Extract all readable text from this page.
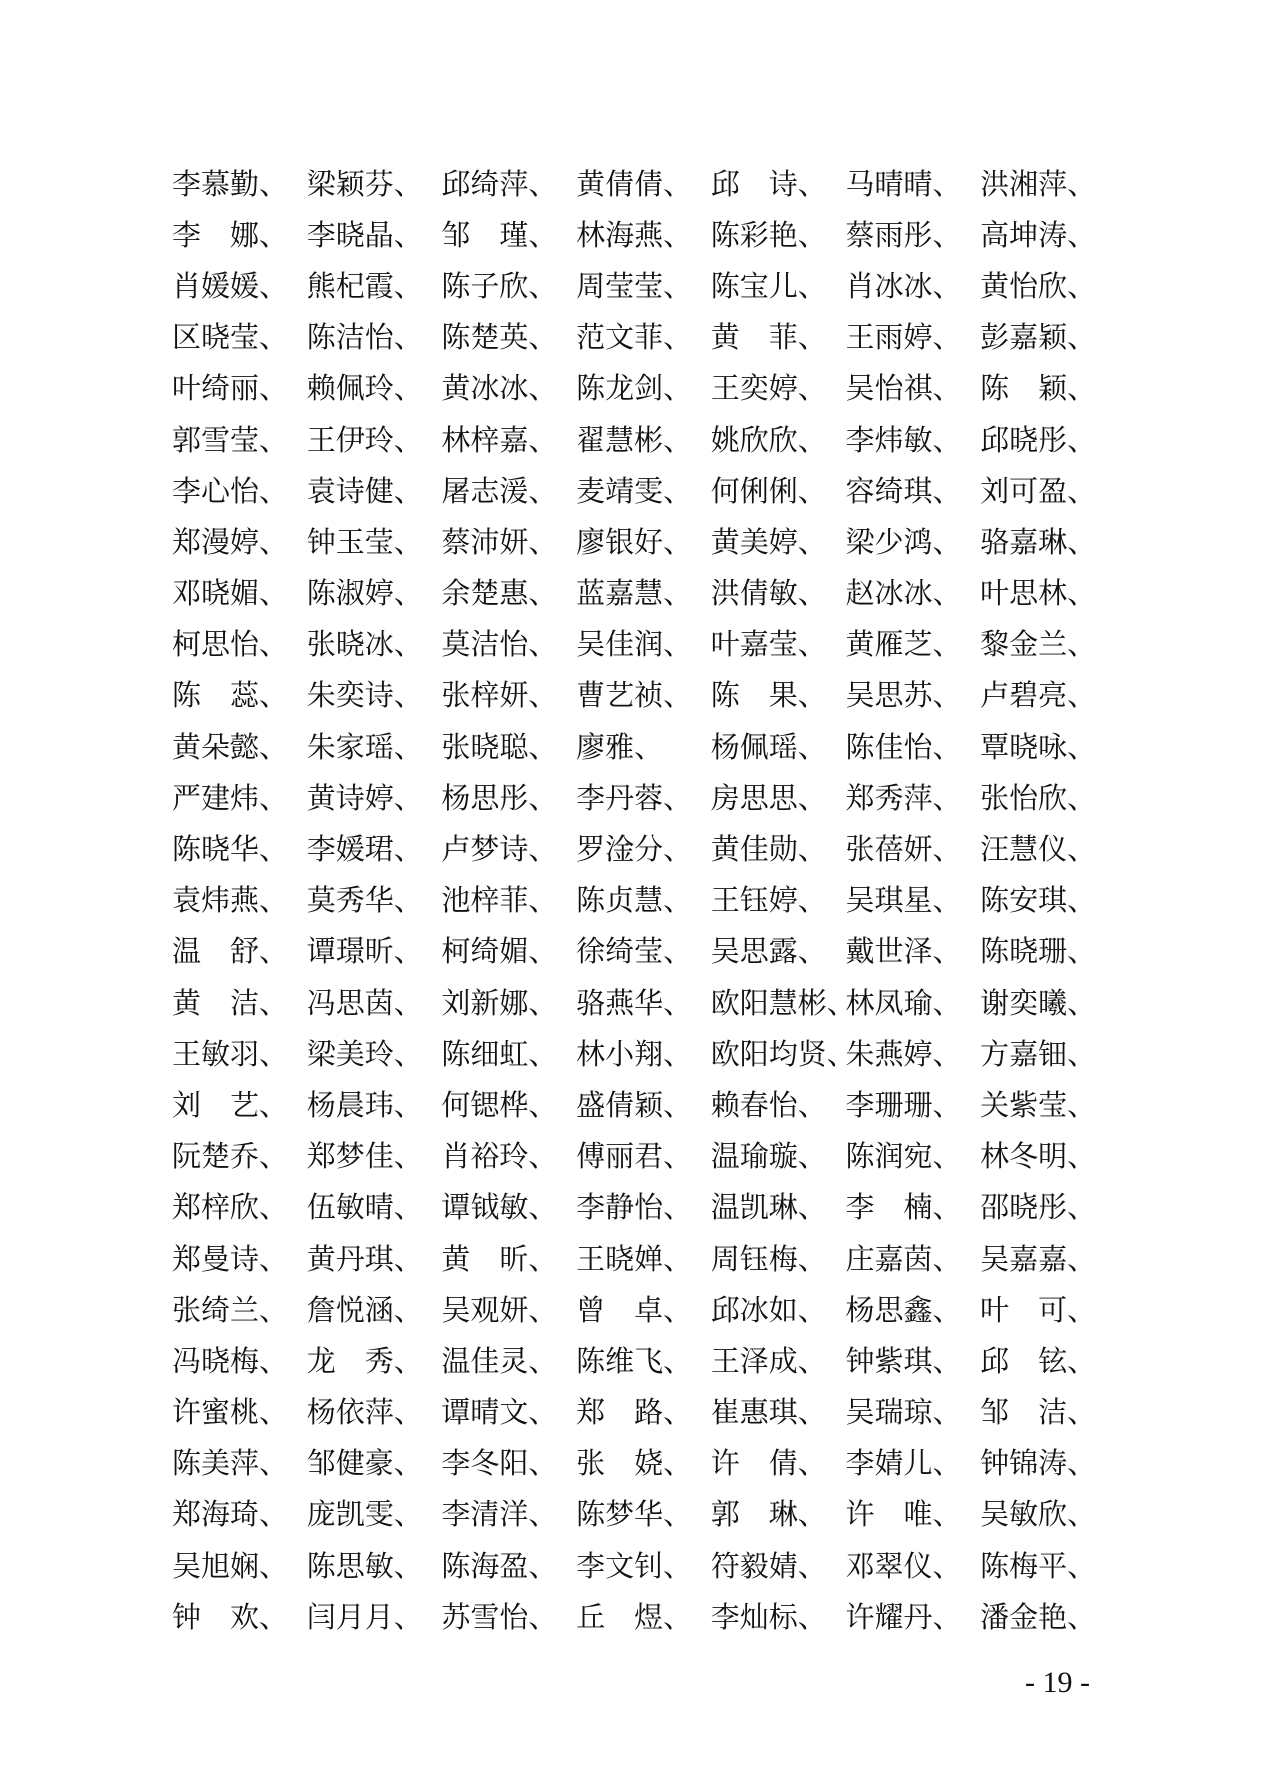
李慕勤、 梁颖芬、 邱绮萍、 黄倩倩、 邱　诗、 马晴晴、 洪湘萍、
李　娜、 李晓晶、 邹　瑾、 林海燕、 陈彩艳、 蔡雨彤、 高坤涛、
肖媛媛、 熊杞霞、 陈子欣、 周莹莹、 陈宝儿、 肖冰冰、 黄怡欣、
区晓莹、 陈洁怡、 陈楚英、 范文菲、 黄　菲、 王雨婷、 彭嘉颖、
叶绮丽、 赖佩玲、 黄冰冰、 陈龙剑、 王奕婷、 吴怡祺、 陈　颖、
郭雪莹、 王伊玲、 林梓嘉、 翟慧彬、 姚欣欣、 李炜敏、 邱晓彤、
李心怡、 袁诗健、 屠志湲、 麦靖雯、 何俐俐、 容绮琪、 刘可盈、
郑漫婷、 钟玉莹、 蔡沛妍、 廖银好、 黄美婷、 梁少鸿、 骆嘉琳、
邓晓媚、 陈淑婷、 余楚惠、 蓝嘉慧、 洪倩敏、 赵冰冰、 叶思林、
柯思怡、 张晓冰、 莫洁怡、 吴佳润、 叶嘉莹、 黄雁芝、 黎金兰、
陈　蕊、 朱奕诗、 张梓妍、 曹艺祯、 陈　果、 吴思苏、 卢碧亮、
黄朵懿、 朱家瑶、 张晓聪、 廖雅、	杨佩瑶、 陈佳怡、 覃晓咏、
严建炜、 黄诗婷、 杨思彤、 李丹蓉、 房思思、 郑秀萍、 张怡欣、
陈晓华、 李媛珺、 卢梦诗、 罗淦分、 黄佳勋、 张蓓妍、 汪慧仪、
袁炜燕、 莫秀华、 池梓菲、 陈贞慧、 王钰婷、 吴琪星、 陈安琪、
温　舒、 谭璟昕、 柯绮媚、 徐绮莹、 吴思露、 戴世泽、 陈晓珊、
黄　洁、 冯思茵、 刘新娜、 骆燕华、 欧阳慧彬、
林凤瑜、 谢奕曦、
王敏羽、 梁美玲、 陈细虹、 林小翔、 欧阳均贤、
朱燕婷、 方嘉钿、
刘　艺、 杨晨玮、 何锶桦、 盛倩颖、 赖春怡、 李珊珊、 关紫莹、
阮楚乔、 郑梦佳、 肖裕玲、 傅丽君、 温瑜璇、 陈润宛、 林冬明、
郑梓欣、 伍敏晴、 谭钺敏、 李静怡、 温凯琳、 李　楠、 邵晓彤、
郑曼诗、 黄丹琪、 黄　昕、 王晓婵、 周钰梅、 庄嘉茵、 吴嘉嘉、
张绮兰、 詹悦涵、 吴观妍、 曾　卓、 邱冰如、 杨思鑫、 叶　可、
冯晓梅、 龙　秀、 温佳灵、 陈维飞、 王泽成、 钟紫琪、 邱　铉、
许蜜桃、 杨依萍、 谭晴文、 郑　路、 崔惠琪、 吴瑞琼、 邹　洁、
陈美萍、 邹健豪、 李冬阳、 张　娆、 许　倩、 李婧儿、 钟锦涛、
郑海琦、 庞凯雯、 李清洋、 陈梦华、 郭　琳、 许　唯、 吴敏欣、
吴旭娴、 陈思敏、 陈海盈、 李文钊、 符毅婧、 邓翠仪、 陈梅平、
钟　欢、 闫月月、 苏雪怡、 丘　煜、 李灿标、 许耀丹、 潘金艳、
- 19 -
